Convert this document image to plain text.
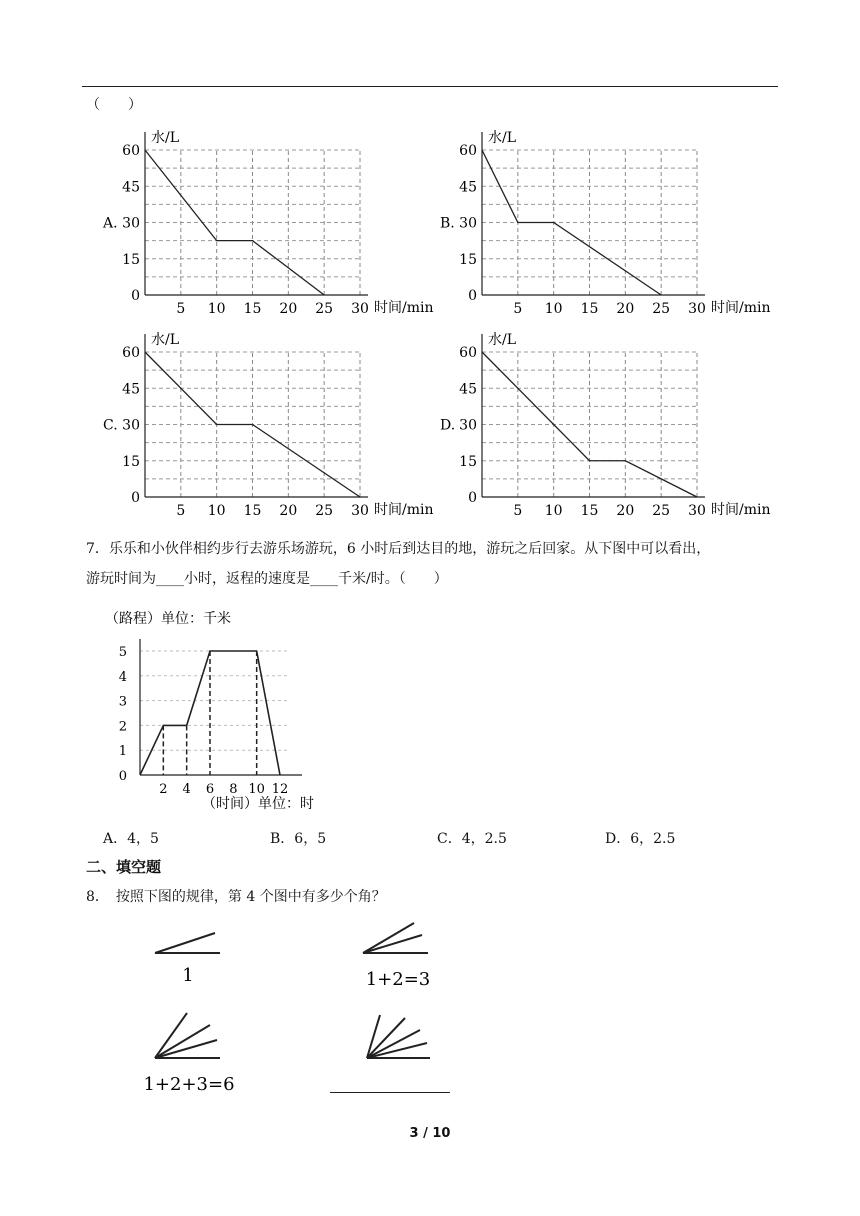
（　　）
60
45
30
15
0
5 10 15 20 25 30
水/L
时间/min
A.
60
45
30
15
0
5 10 15 20 25 30
水/L
时间/min
B.
60
45
30
15
0
5 10 15 20 25 30
水/L
时间/min
C.
60
45
30
15
0
5 10 15 20 25 30
水/L
时间/min
D.
7．乐乐和小伙伴相约步行去游乐场游玩，6 小时后到达目的地，游玩之后回家。从下图中可以看出，
游玩时间为____小时，返程的速度是____千米/时。（　　）
5
4
3
2
1
0
2 4 6 8 10 12
（路程）单位：千米
（时间）单位：时
A．4，5	B．6，5	C．4，2.5	D．6，2.5
二、填空题
8．　按照下图的规律，第 4 个图中有多少个角？
1	1+2=3
1+2+3=6
3 / 10
